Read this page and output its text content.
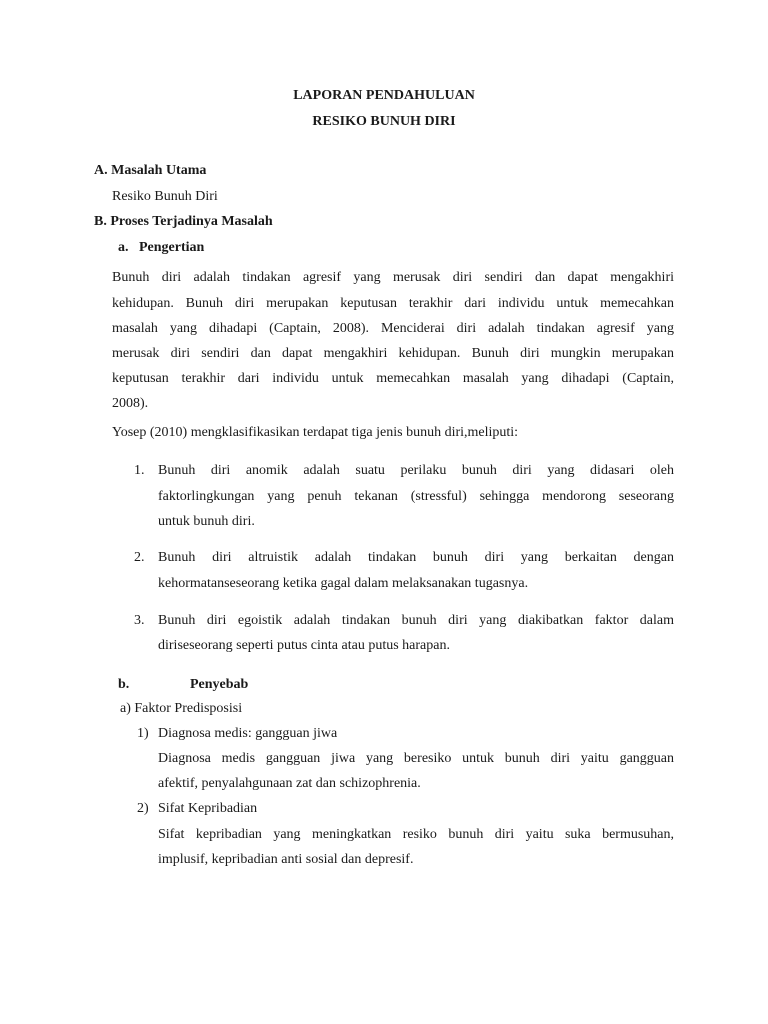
LAPORAN PENDAHULUAN
RESIKO BUNUH DIRI
A. Masalah Utama
Resiko Bunuh Diri
B. Proses Terjadinya Masalah
a. Pengertian
Bunuh diri adalah tindakan agresif yang merusak diri sendiri dan dapat mengakhiri
kehidupan. Bunuh diri merupakan keputusan terakhir dari individu untuk memecahkan
masalah yang dihadapi (Captain, 2008). Menciderai diri adalah tindakan agresif yang
merusak diri sendiri dan dapat mengakhiri kehidupan. Bunuh diri mungkin merupakan
keputusan terakhir dari individu untuk memecahkan masalah yang dihadapi (Captain,
2008).
Yosep (2010) mengklasifikasikan terdapat tiga jenis bunuh diri,meliputi:
1. Bunuh diri anomik adalah suatu perilaku bunuh diri yang didasari oleh
faktorlingkungan yang penuh tekanan (stressful) sehingga mendorong seseorang
untuk bunuh diri.
2. Bunuh diri altruistik adalah tindakan bunuh diri yang berkaitan dengan
kehormatanseseorang ketika gagal dalam melaksanakan tugasnya.
3. Bunuh diri egoistik adalah tindakan bunuh diri yang diakibatkan faktor dalam
diriseseorang seperti putus cinta atau putus harapan.
b.	Penyebab
a) Faktor Predisposisi
1) Diagnosa medis: gangguan jiwa
Diagnosa medis gangguan jiwa yang beresiko untuk bunuh diri yaitu gangguan
afektif, penyalahgunaan zat dan schizophrenia.
2) Sifat Kepribadian
Sifat kepribadian yang meningkatkan resiko bunuh diri yaitu suka bermusuhan,
implusif, kepribadian anti sosial dan depresif.
